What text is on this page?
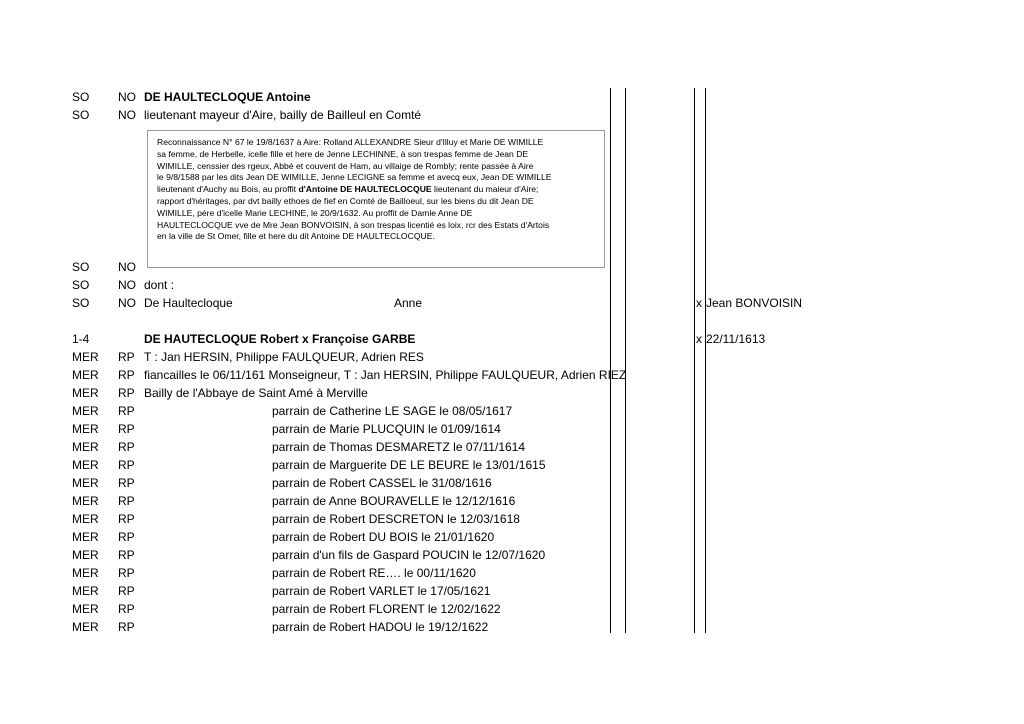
SO NO DE HAULTECLOQUE Antoine
SO NO lieutenant mayeur d'Aire, bailly de Bailleul en Comté
Reconnaissance N° 67 le 19/8/1637 à Aire: Rolland ALLEXANDRE Sieur d'Illuy et Marie DE WIMILLE
sa femme, de Herbelle, icelle fille et here de Jenne LECHINNE, à son trespas femme de Jean DE
WIMILLE, censsier des rgeux, Abbé et couvent de Ham, au villaige de Rombly; rente passée à Aire
le 9/8/1588 par les dits Jean DE WIMILLE, Jenne LECIGNE sa femme et avecq eux, Jean DE WIMILLE
lieutenant d'Auchy au Bois, au proffit d'Antoine DE HAULTECLOCQUE lieutenant du maieur d'Aire;
rapport d'héritages, par dvt bailly ethoes de fief en Comté de Bailloeul, sur les biens du dit Jean DE
WIMILLE, pére d'icelle Marie LECHINE, le 20/9/1632. Au proffit de Damle Anne DE
HAULTECLOCQUE vve de Mre Jean BONVOISIN, à son trespas licentié es loix, rcr des Estats d'Artois
en la ville de St Omer, fille et here du dit Antoine DE HAULTECLOCQUE.
SO NO
SO NO dont :
SO NO De Haultecloque	Anne	x Jean BONVOISIN
1-4	DE HAUTECLOQUE Robert x Françoise GARBE	x 22/11/1613
MER RP T : Jan HERSIN, Philippe FAULQUEUR, Adrien RES
MER RP fiancailles le 06/11/161 Monseigneur, T : Jan HERSIN, Philippe FAULQUEUR, Adrien RIEZ
MER RP Bailly de l'Abbaye de Saint Amé à Merville
MER RP	parrain de Catherine LE SAGE le 08/05/1617
MER RP	parrain de Marie PLUCQUIN le 01/09/1614
MER RP	parrain de Thomas DESMARETZ le 07/11/1614
MER RP	parrain de Marguerite DE LE BEURE le 13/01/1615
MER RP	parrain de Robert CASSEL le 31/08/1616
MER RP	parrain de Anne BOURAVELLE le 12/12/1616
MER RP	parrain de Robert DESCRETON le 12/03/1618
MER RP	parrain de Robert DU BOIS le 21/01/1620
MER RP	parrain d'un fils de Gaspard POUCIN le 12/07/1620
MER RP	parrain de Robert RE…. le 00/11/1620
MER RP	parrain de Robert VARLET le 17/05/1621
MER RP	parrain de Robert FLORENT le 12/02/1622
MER RP	parrain de Robert HADOU le 19/12/1622
